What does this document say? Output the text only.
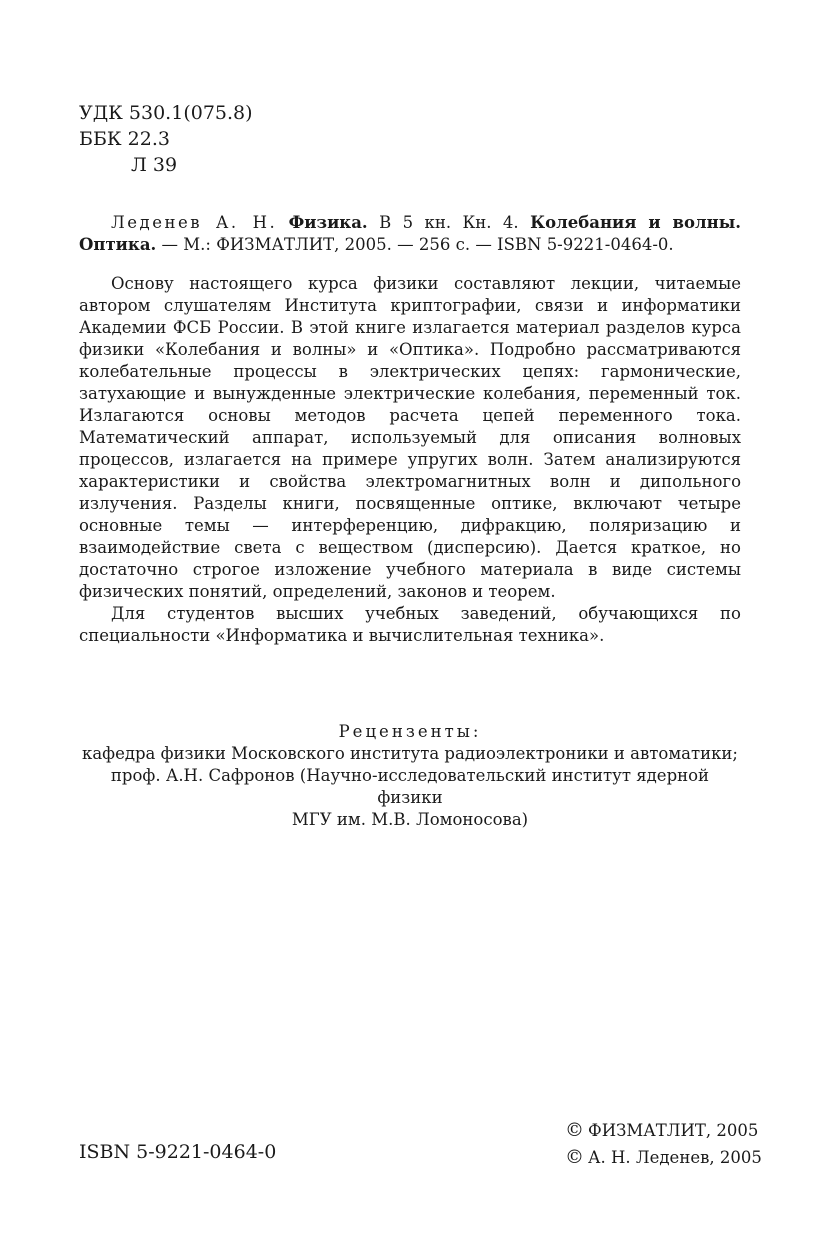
УДК 530.1(075.8)
ББК 22.3
Л 39
Леденев А. Н. Физика. В 5 кн. Кн. 4. Колебания и волны. Оптика. — М.: ФИЗМАТЛИТ, 2005. — 256 с. — ISBN 5-9221-0464-0.

Основу настоящего курса физики составляют лекции, читаемые автором слушателям Института криптографии, связи и информатики Академии ФСБ России. В этой книге излагается материал разделов курса физики «Колебания и волны» и «Оптика». Подробно рассматриваются колебательные процессы в электрических цепях: гармонические, затухающие и вынужденные электрические колебания, переменный ток. Излагаются основы методов расчета цепей переменного тока. Математический аппарат, используемый для описания волновых процессов, излагается на примере упругих волн. Затем анализируются характеристики и свойства электромагнитных волн и дипольного излучения. Разделы книги, посвященные оптике, включают четыре основные темы — интерференцию, дифракцию, поляризацию и взаимодействие света с веществом (дисперсию). Дается краткое, но достаточно строгое изложение учебного материала в виде системы физических понятий, определений, законов и теорем.

Для студентов высших учебных заведений, обучающихся по специальности «Информатика и вычислительная техника».

Рецензенты:
кафедра физики Московского института радиоэлектроники и автоматики;
проф. А.Н. Сафронов (Научно-исследовательский институт ядерной физики
МГУ им. М.В. Ломоносова)
ISBN 5-9221-0464-0
© ФИЗМАТЛИТ, 2005
© А. Н. Леденев, 2005
